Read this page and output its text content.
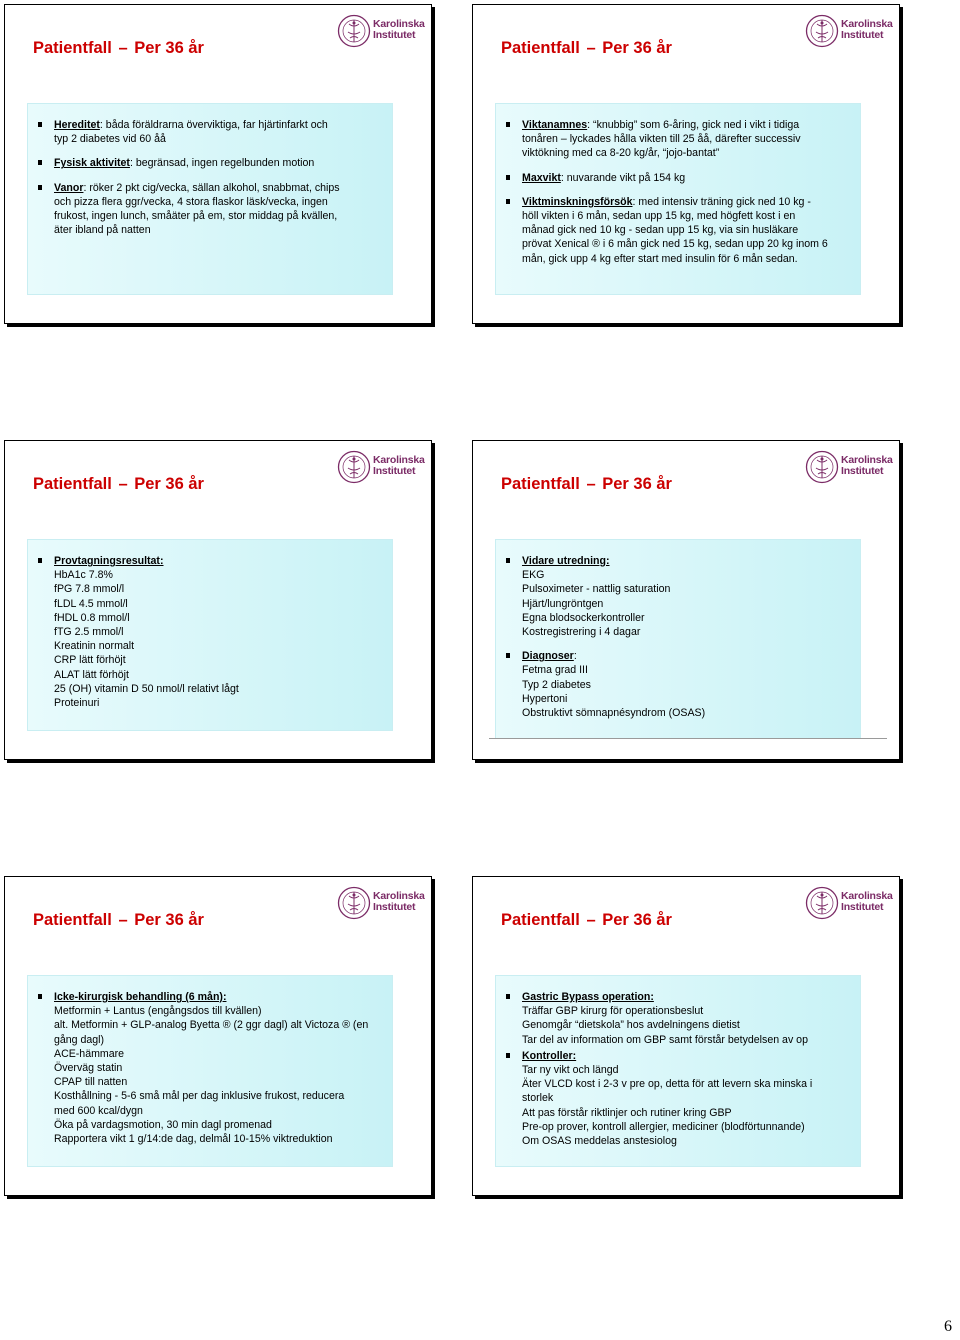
Patientfall – Per 36 år
Karolinska
Institutet
Hereditet: båda föräldrarna överviktiga, far hjärtinfarkt och
typ 2 diabetes vid 60 åå
Fysisk aktivitet: begränsad, ingen regelbunden motion
Vanor: röker 2 pkt cig/vecka, sällan alkohol, snabbmat, chips
och pizza flera ggr/vecka, 4 stora flaskor läsk/vecka, ingen
frukost, ingen lunch, småäter på em, stor middag på kvällen,
äter ibland på natten
Patientfall – Per 36 år
Karolinska
Institutet
Viktanamnes: “knubbig” som 6-åring, gick ned i vikt i tidiga
tonåren – lyckades hålla vikten till 25 åå, därefter successiv
viktökning med ca 8-20 kg/år, “jojo-bantat”
Maxvikt: nuvarande vikt på 154 kg
Viktminskningsförsök: med intensiv träning gick ned 10 kg -
höll vikten i 6 mån, sedan upp 15 kg, med högfett kost i en
månad gick ned 10 kg - sedan upp 15 kg, via sin husläkare
prövat Xenical ® i 6 mån gick ned 15 kg, sedan upp 20 kg inom 6
mån, gick upp 4 kg efter start med insulin för 6 mån sedan.
Patientfall – Per 36 år
Karolinska
Institutet
Provtagningsresultat:
HbA1c 7.8%
fPG 7.8 mmol/l
fLDL 4.5 mmol/l
fHDL 0.8 mmol/l
fTG 2.5 mmol/l
Kreatinin normalt
CRP lätt förhöjt
ALAT lätt förhöjt
25 (OH) vitamin D 50 nmol/l relativt lågt
Proteinuri
Patientfall – Per 36 år
Karolinska
Institutet
Vidare utredning:
EKG
Pulsoximeter - nattlig saturation
Hjärt/lungröntgen
Egna blodsockerkontroller
Kostregistrering i 4 dagar
Diagnoser:
Fetma grad III
Typ 2 diabetes
Hypertoni
Obstruktivt sömnapnésyndrom (OSAS)
Patientfall – Per 36 år
Karolinska
Institutet
Icke-kirurgisk behandling (6 mån):
Metformin + Lantus (engångsdos till kvällen)
alt. Metformin + GLP-analog Byetta ® (2 ggr dagl) alt Victoza ® (en
gång dagl)
ACE-hämmare
Överväg statin
CPAP till natten
Kosthållning - 5-6 små mål per dag inklusive frukost, reducera
med 600 kcal/dygn
Öka på vardagsmotion, 30 min dagl promenad
Rapportera vikt 1 g/14:de dag, delmål 10-15% viktreduktion
Patientfall – Per 36 år
Karolinska
Institutet
Gastric Bypass operation:
Träffar GBP kirurg för operationsbeslut
Genomgår “dietskola” hos avdelningens dietist
Tar del av information om GBP samt förstår betydelsen av op
Kontroller:
Tar ny vikt och längd
Äter VLCD kost i 2-3 v pre op, detta för att levern ska minska i
storlek
Att pas förstår riktlinjer och rutiner kring GBP
Pre-op prover, kontroll allergier, mediciner (blodförtunnande)
Om OSAS meddelas anstesiolog
6
